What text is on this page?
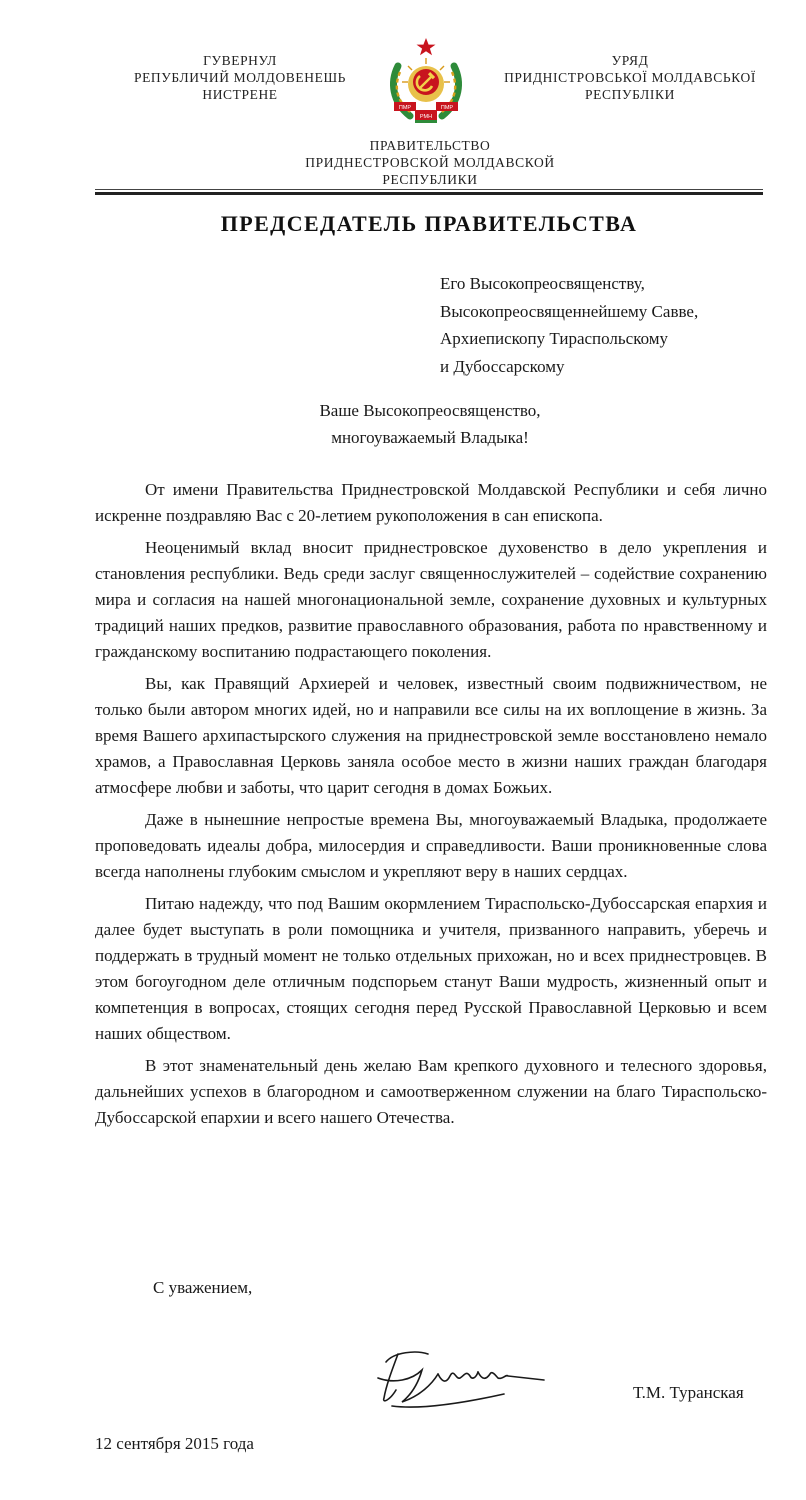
ГУВЕРНУЛ
РЕПУБЛИЧИЙ МОЛДОВЕНЕШЬ
НИСТРЕНЕ
ПМР
РМН
ПМР
УРЯД
ПРИДНІСТРОВСЬКОЇ МОЛДАВСЬКОЇ
РЕСПУБЛІКИ
ПРАВИТЕЛЬСТВО
ПРИДНЕСТРОВСКОЙ МОЛДАВСКОЙ
РЕСПУБЛИКИ
ПРЕДСЕДАТЕЛЬ ПРАВИТЕЛЬСТВА
Его Высокопреосвященству,
Высокопреосвященнейшему Савве,
Архиепископу Тираспольскому
и Дубоссарскому
Ваше Высокопреосвященство,
многоуважаемый Владыка!

От имени Правительства Приднестровской Молдавской Республики и себя лично искренне поздравляю Вас с 20-летием рукоположения в сан епископа.

Неоценимый вклад вносит приднестровское духовенство в дело укрепления и становления республики. Ведь среди заслуг священнослужителей – содействие сохранению мира и согласия на нашей многонациональной земле, сохранение духовных и культурных традиций наших предков, развитие православного образования, работа по нравственному и гражданскому воспитанию подрастающего поколения.

Вы, как Правящий Архиерей и человек, известный своим подвижничеством, не только были автором многих идей, но и направили все силы на их воплощение в жизнь. За время Вашего архипастырского служения на приднестровской земле восстановлено немало храмов, а Православная Церковь заняла особое место в жизни наших граждан благодаря атмосфере любви и заботы, что царит сегодня в домах Божьих.

Даже в нынешние непростые времена Вы, многоуважаемый Владыка, продолжаете проповедовать идеалы добра, милосердия и справедливости. Ваши проникновенные слова всегда наполнены глубоким смыслом и укрепляют веру в наших сердцах.

Питаю надежду, что под Вашим окормлением Тираспольско-Дубоссарская епархия и далее будет выступать в роли помощника и учителя, призванного направить, уберечь и поддержать в трудный момент не только отдельных прихожан, но и всех приднестровцев. В этом богоугодном деле отличным подспорьем станут Ваши мудрость, жизненный опыт и компетенция в вопросах, стоящих сегодня перед Русской Православной Церковью и всем наших обществом.

В этот знаменательный день желаю Вам крепкого духовного и телесного здоровья, дальнейших успехов в благородном и самоотверженном служении на благо Тираспольско-Дубоссарской епархии и всего нашего Отечества.

С уважением,
Т.М. Туранская
12 сентября 2015 года
